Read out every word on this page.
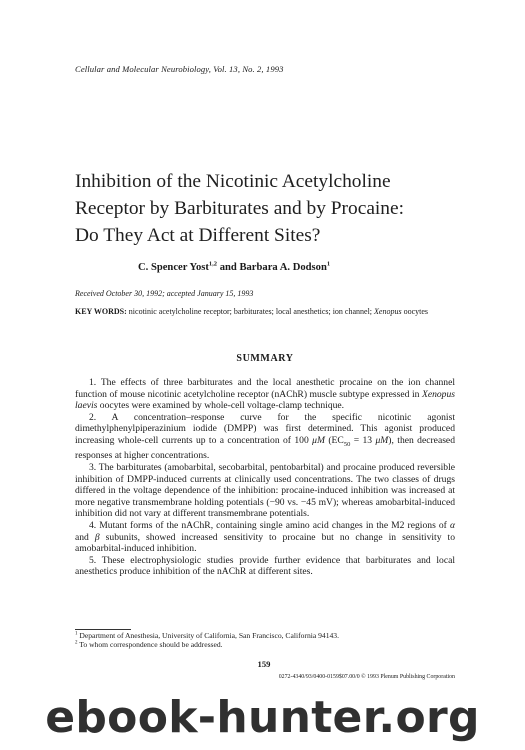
Cellular and Molecular Neurobiology, Vol. 13, No. 2, 1993
Inhibition of the Nicotinic Acetylcholine
Receptor by Barbiturates and by Procaine:
Do They Act at Different Sites?
C. Spencer Yost$^{1,2}$ and Barbara A. Dodson$^1$
Received October 30, 1992; accepted January 15, 1993
KEY WORDS: nicotinic acetylcholine receptor; barbiturates; local anesthetics; ion channel; Xenopus oocytes
SUMMARY

1. The effects of three barbiturates and the local anesthetic procaine on the ion channel function of mouse nicotinic acetylcholine receptor (nAChR) muscle subtype expressed in Xenopus laevis oocytes were examined by whole-cell voltage-clamp technique.

2. A concentration–response curve for the specific nicotinic agonist dimethylphenylpiperazinium iodide (DMPP) was first determined. This agonist produced increasing whole-cell currents up to a concentration of 100 μM ($EC_{50} = 13$ μM), then decreased responses at higher concentrations.

3. The barbiturates (amobarbital, secobarbital, pentobarbital) and procaine produced reversible inhibition of DMPP-induced currents at clinically used concentrations. The two classes of drugs differed in the voltage dependence of the inhibition: procaine-induced inhibition was increased at more negative transmembrane holding potentials (−90 vs. −45 mV); whereas amobarbital-induced inhibition did not vary at different transmembrane potentials.

4. Mutant forms of the nAChR, containing single amino acid changes in the M2 regions of α and β subunits, showed increased sensitivity to procaine but no change in sensitivity to amobarbital-induced inhibition.

5. These electrophysiologic studies provide further evidence that barbiturates and local anesthetics produce inhibition of the nAChR at different sites.

$^1$ Department of Anesthesia, University of California, San Francisco, California 94143.
$^2$ To whom correspondence should be addressed.
159
0272-4340/93/0400-0159$07.00/0 © 1993 Plenum Publishing Corporation
ebook-hunter.org
